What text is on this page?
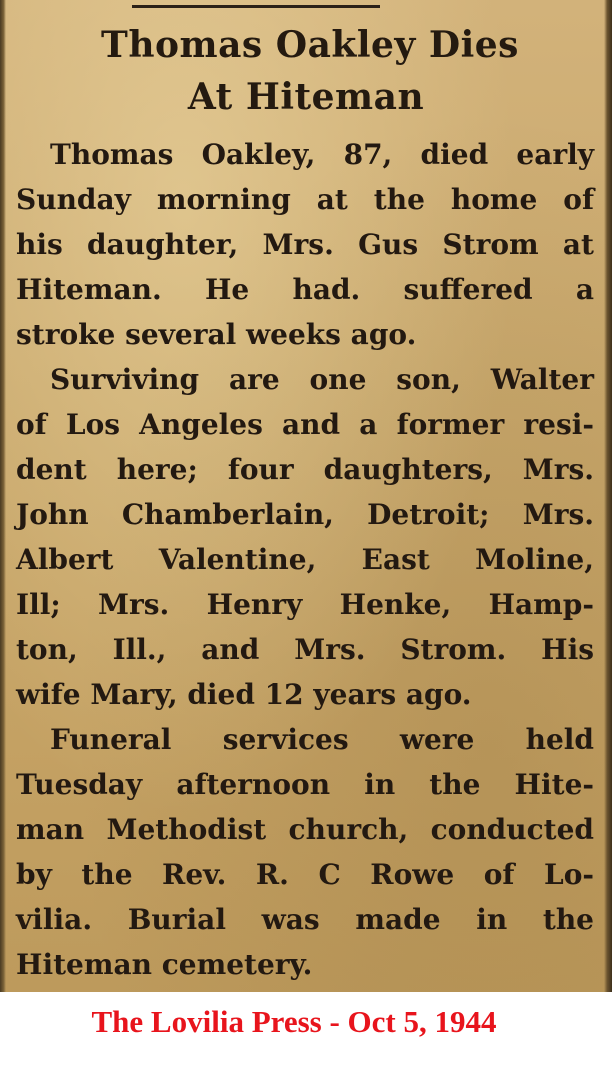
Thomas Oakley Dies
At Hiteman
Thomas Oakley, 87, died early
Sunday morning at the home of
his daughter, Mrs. Gus Strom at
Hiteman. He had. suffered a
stroke several weeks ago.
Surviving are one son, Walter
of Los Angeles and a former resi-
dent here; four daughters, Mrs.
John Chamberlain, Detroit; Mrs.
Albert Valentine, East Moline,
Ill; Mrs. Henry Henke, Hamp-
ton, Ill., and Mrs. Strom. His
wife Mary, died 12 years ago.
Funeral services were held
Tuesday afternoon in the Hite-
man Methodist church, conducted
by the Rev. R. C Rowe of Lo-
vilia. Burial was made in the
Hiteman cemetery.
The Lovilia Press - Oct 5, 1944
